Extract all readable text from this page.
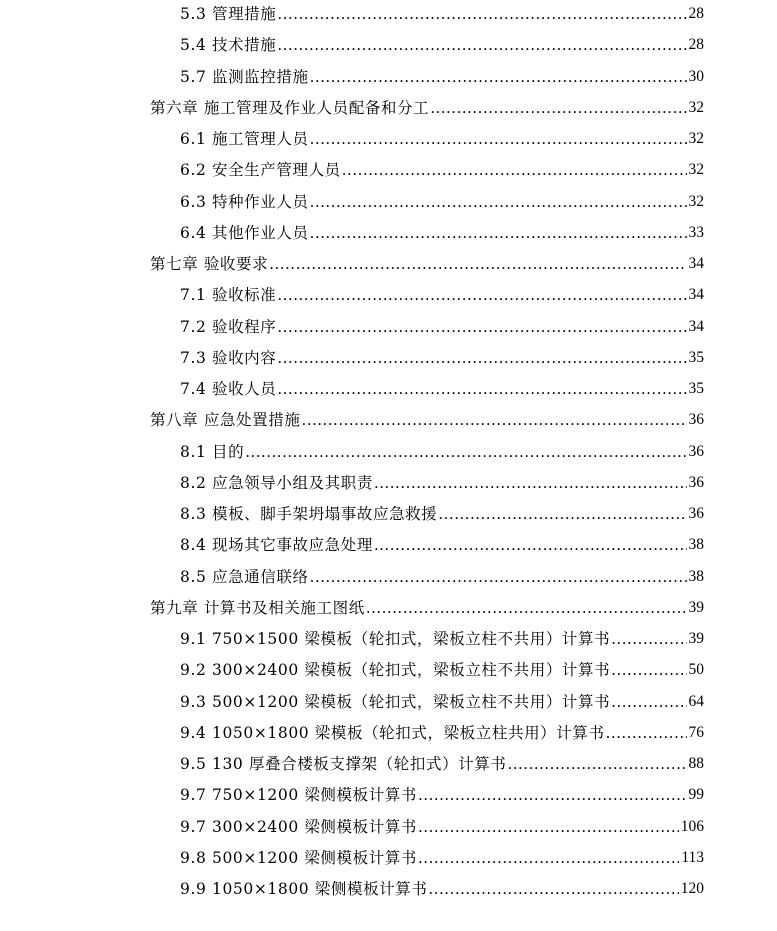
5.3 管理措施 .....	28
5.4 技术措施 .....	28
5.7 监测监控措施 .....	30
第六章 施工管理及作业人员配备和分工 .....	32
6.1 施工管理人员 .....	32
6.2 安全生产管理人员 .....	32
6.3 特种作业人员 .....	32
6.4 其他作业人员 .....	33
第七章 验收要求 .....	34
7.1 验收标准 .....	34
7.2 验收程序 .....	34
7.3 验收内容 .....	35
7.4 验收人员 .....	35
第八章 应急处置措施 .....	36
8.1 目的 .....	36
8.2 应急领导小组及其职责 .....	36
8.3 模板、脚手架坍塌事故应急救援 .....	36
8.4 现场其它事故应急处理 .....	38
8.5 应急通信联络 .....	38
第九章 计算书及相关施工图纸 .....	39
9.1 750×1500 梁模板（轮扣式，梁板立柱不共用）计算书 .....	39
9.2 300×2400 梁模板（轮扣式，梁板立柱不共用）计算书 .....	50
9.3 500×1200 梁模板（轮扣式，梁板立柱不共用）计算书 .....	64
9.4 1050×1800 梁模板（轮扣式，梁板立柱共用）计算书 .....	76
9.5 130 厚叠合楼板支撑架（轮扣式）计算书 .....	88
9.7 750×1200 梁侧模板计算书 .....	99
9.7 300×2400 梁侧模板计算书 .....	106
9.8 500×1200 梁侧模板计算书 .....	113
9.9 1050×1800 梁侧模板计算书 .....	120
